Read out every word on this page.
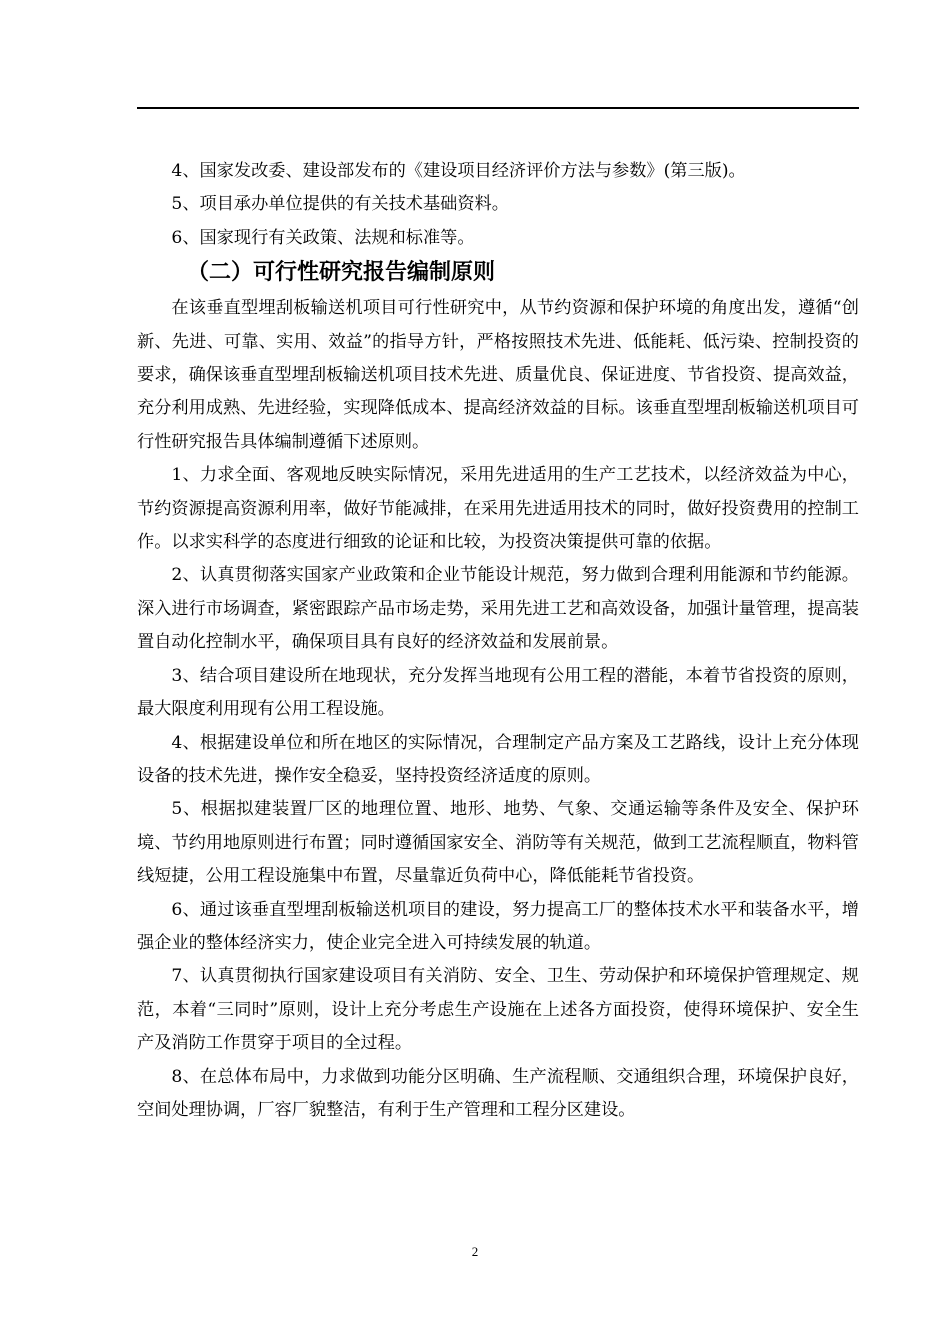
4、国家发改委、建设部发布的《建设项目经济评价方法与参数》(第三版)。

5、项目承办单位提供的有关技术基础资料。

6、国家现行有关政策、法规和标准等。

（二）可行性研究报告编制原则

在该垂直型埋刮板输送机项目可行性研究中，从节约资源和保护环境的角度出发，遵循“创新、先进、可靠、实用、效益”的指导方针，严格按照技术先进、低能耗、低污染、控制投资的要求，确保该垂直型埋刮板输送机项目技术先进、质量优良、保证进度、节省投资、提高效益，充分利用成熟、先进经验，实现降低成本、提高经济效益的目标。该垂直型埋刮板输送机项目可行性研究报告具体编制遵循下述原则。

1、力求全面、客观地反映实际情况，采用先进适用的生产工艺技术，以经济效益为中心，节约资源提高资源利用率，做好节能减排，在采用先进适用技术的同时，做好投资费用的控制工作。以求实科学的态度进行细致的论证和比较，为投资决策提供可靠的依据。

2、认真贯彻落实国家产业政策和企业节能设计规范，努力做到合理利用能源和节约能源。深入进行市场调查，紧密跟踪产品市场走势，采用先进工艺和高效设备，加强计量管理，提高装置自动化控制水平，确保项目具有良好的经济效益和发展前景。

3、结合项目建设所在地现状，充分发挥当地现有公用工程的潜能，本着节省投资的原则，最大限度利用现有公用工程设施。

4、根据建设单位和所在地区的实际情况，合理制定产品方案及工艺路线，设计上充分体现设备的技术先进，操作安全稳妥，坚持投资经济适度的原则。

5、根据拟建装置厂区的地理位置、地形、地势、气象、交通运输等条件及安全、保护环境、节约用地原则进行布置；同时遵循国家安全、消防等有关规范，做到工艺流程顺直，物料管线短捷，公用工程设施集中布置，尽量靠近负荷中心，降低能耗节省投资。

6、通过该垂直型埋刮板输送机项目的建设，努力提高工厂的整体技术水平和装备水平，增强企业的整体经济实力，使企业完全进入可持续发展的轨道。

7、认真贯彻执行国家建设项目有关消防、安全、卫生、劳动保护和环境保护管理规定、规范，本着“三同时”原则，设计上充分考虑生产设施在上述各方面投资，使得环境保护、安全生产及消防工作贯穿于项目的全过程。

8、在总体布局中，力求做到功能分区明确、生产流程顺、交通组织合理，环境保护良好，空间处理协调，厂容厂貌整洁，有利于生产管理和工程分区建设。

2
